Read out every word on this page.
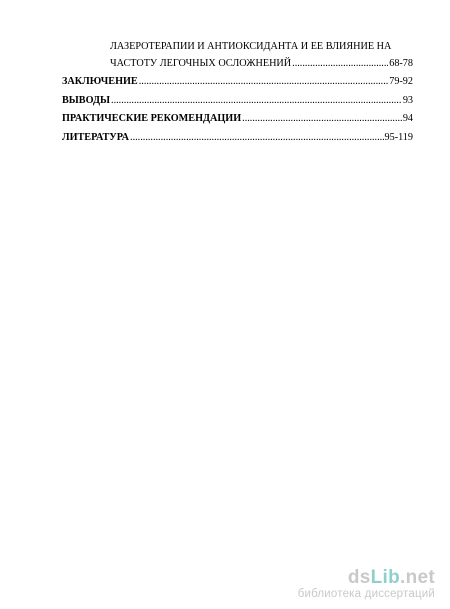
ЛАЗЕРОТЕРАПИИ И АНТИОКСИДАНТА И ЕЕ ВЛИЯНИЕ НА
ЧАСТОТУ ЛЕГОЧНЫХ ОСЛОЖНЕНИЙ .....	68-78
ЗАКЛЮЧЕНИЕ .....	79-92
ВЫВОДЫ .....	93
ПРАКТИЧЕСКИЕ РЕКОМЕНДАЦИИ .....	94
ЛИТЕРАТУРА .....	95-119
dsLib.net
библиотека диссертаций
